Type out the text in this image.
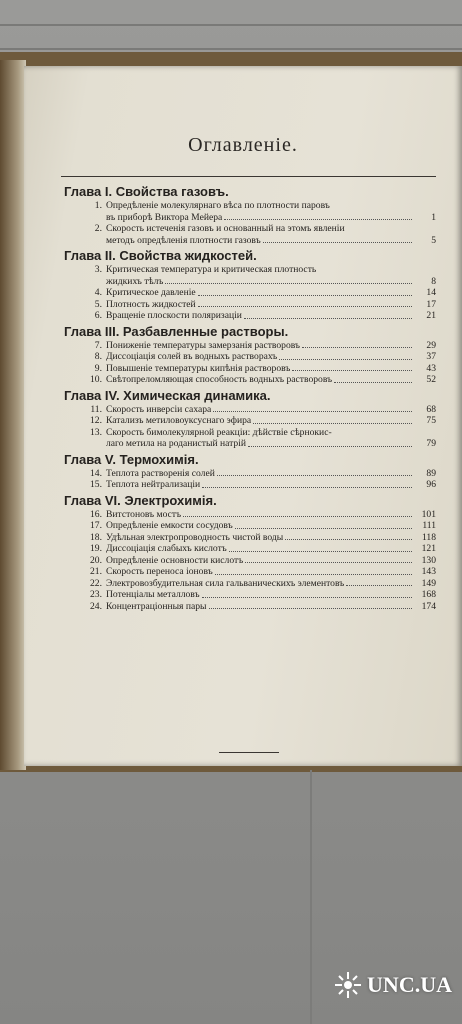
Оглавленіе.
Глава I. Свойства газовъ.
1. Опредѣленіе молекулярнаго вѣса по плотности паровъ
въ приборѣ Виктора Мейера	1
2. Скорость истеченія газовъ и основанный на этомъ явленіи
методъ опредѣленія плотности газовъ	5
Глава II. Свойства жидкостей.
3. Критическая температура и критическая плотность
жидкихъ тѣлъ	8
4. Критическое давленіе	14
5. Плотность жидкостей	17
6. Вращеніе плоскости поляризаціи	21
Глава III. Разбавленные растворы.
7. Пониженіе температуры замерзанія растворовъ	29
8. Диссоціація солей въ водныхъ растворахъ	37
9. Повышеніе температуры кипѣнія растворовъ	43
10. Свѣтопреломляющая способность водныхъ растворовъ	52
Глава IV. Химическая динамика.
11. Скорость инверсіи сахара	68
12. Катализъ метиловоуксуснаго эфира	75
13. Скорость бимолекулярной реакціи: дѣйствіе сѣрнокис-
лаго метила на роданистый натрій	79
Глава V. Термохимія.
14. Теплота растворенія солей	89
15. Теплота нейтрализаціи	96
Глава VI. Электрохимія.
16. Витстоновъ мостъ	101
17. Опредѣленіе емкости сосудовъ	111
18. Удѣльная электропроводность чистой воды	118
19. Диссоціація слабыхъ кислотъ	121
20. Опредѣленіе основности кислотъ	130
21. Скорость переноса іоновъ	143
22. Электровозбудительная сила гальваническихъ элементовъ	149
23. Потенціалы металловъ	168
24. Концентраціонныя пары	174
UNC.UA
